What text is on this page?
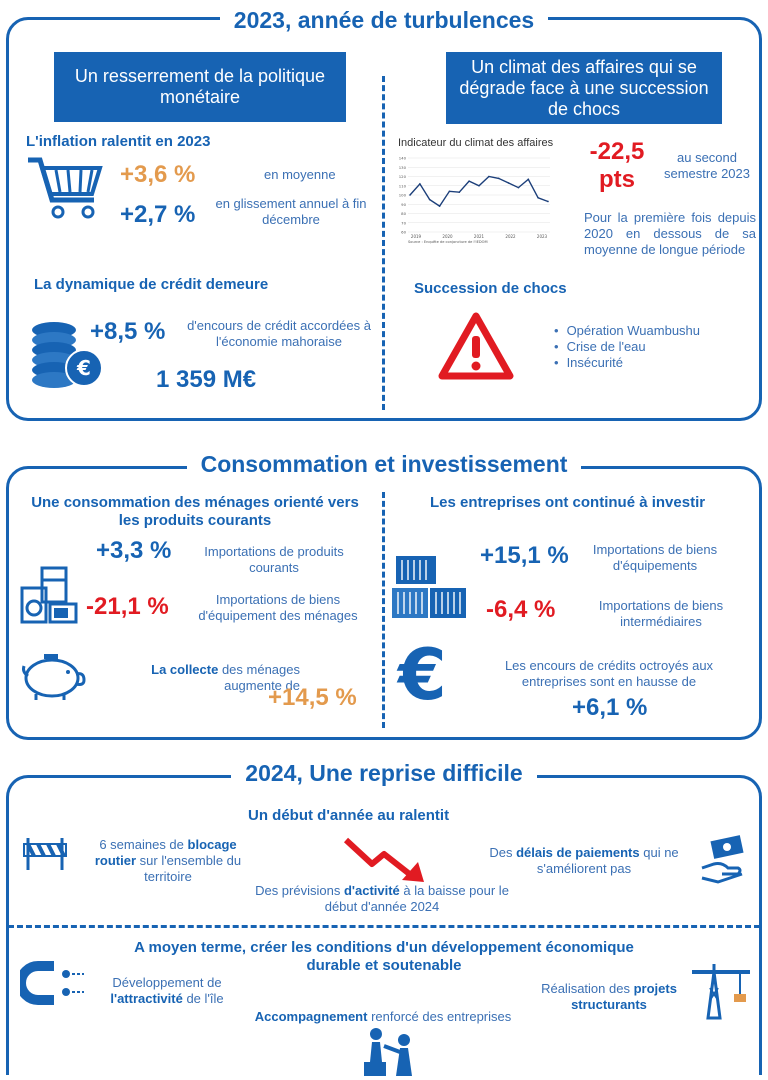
2023, année de turbulences
Un resserrement de la politique monétaire
Un climat des affaires qui se dégrade face à une succession de chocs
L'inflation ralentit en 2023
+3,6 %	en moyenne
+2,7 % en glissement annuel à fin décembre
La dynamique de crédit demeure
€
+8,5 %	d'encours de crédit accordées à l'économie mahoraise
1 359 M€
Indicateur du climat des affaires
60
70
80
90
100
110
120
130
140
2019	2020	2021	2022	2023
Source : Enquête de conjoncture de l'IEDOM
-22,5 pts
au second semestre 2023
Pour la première fois depuis 2020 en dessous de sa moyenne de longue période
Succession de chocs
• Opération Wuambushu
• Crise de l'eau
• Insécurité
Consommation et investissement
Une consommation des ménages orienté vers les produits courants
+3,3 %	Importations de produits courants
-21,1 %	Importations de biens d'équipement des ménages
La collecte des ménages augmente de
+14,5 %
Les entreprises ont continué à investir
+15,1 %	Importations de biens d'équipements
-6,4 %	Importations de biens intermédiaires
€	Les encours de crédits octroyés aux entreprises sont en hausse de
+6,1 %
2024, Une reprise difficile
Un début d'année au ralentit
6 semaines de blocage routier sur l'ensemble du territoire
Des prévisions d'activité à la baisse pour le début d'année 2024
Des délais de paiements qui ne s'améliorent pas
A moyen terme, créer les conditions d'un développement économique durable et soutenable
Développement de l'attractivité de l'île
Réalisation des projets structurants
Accompagnement renforcé des entreprises
